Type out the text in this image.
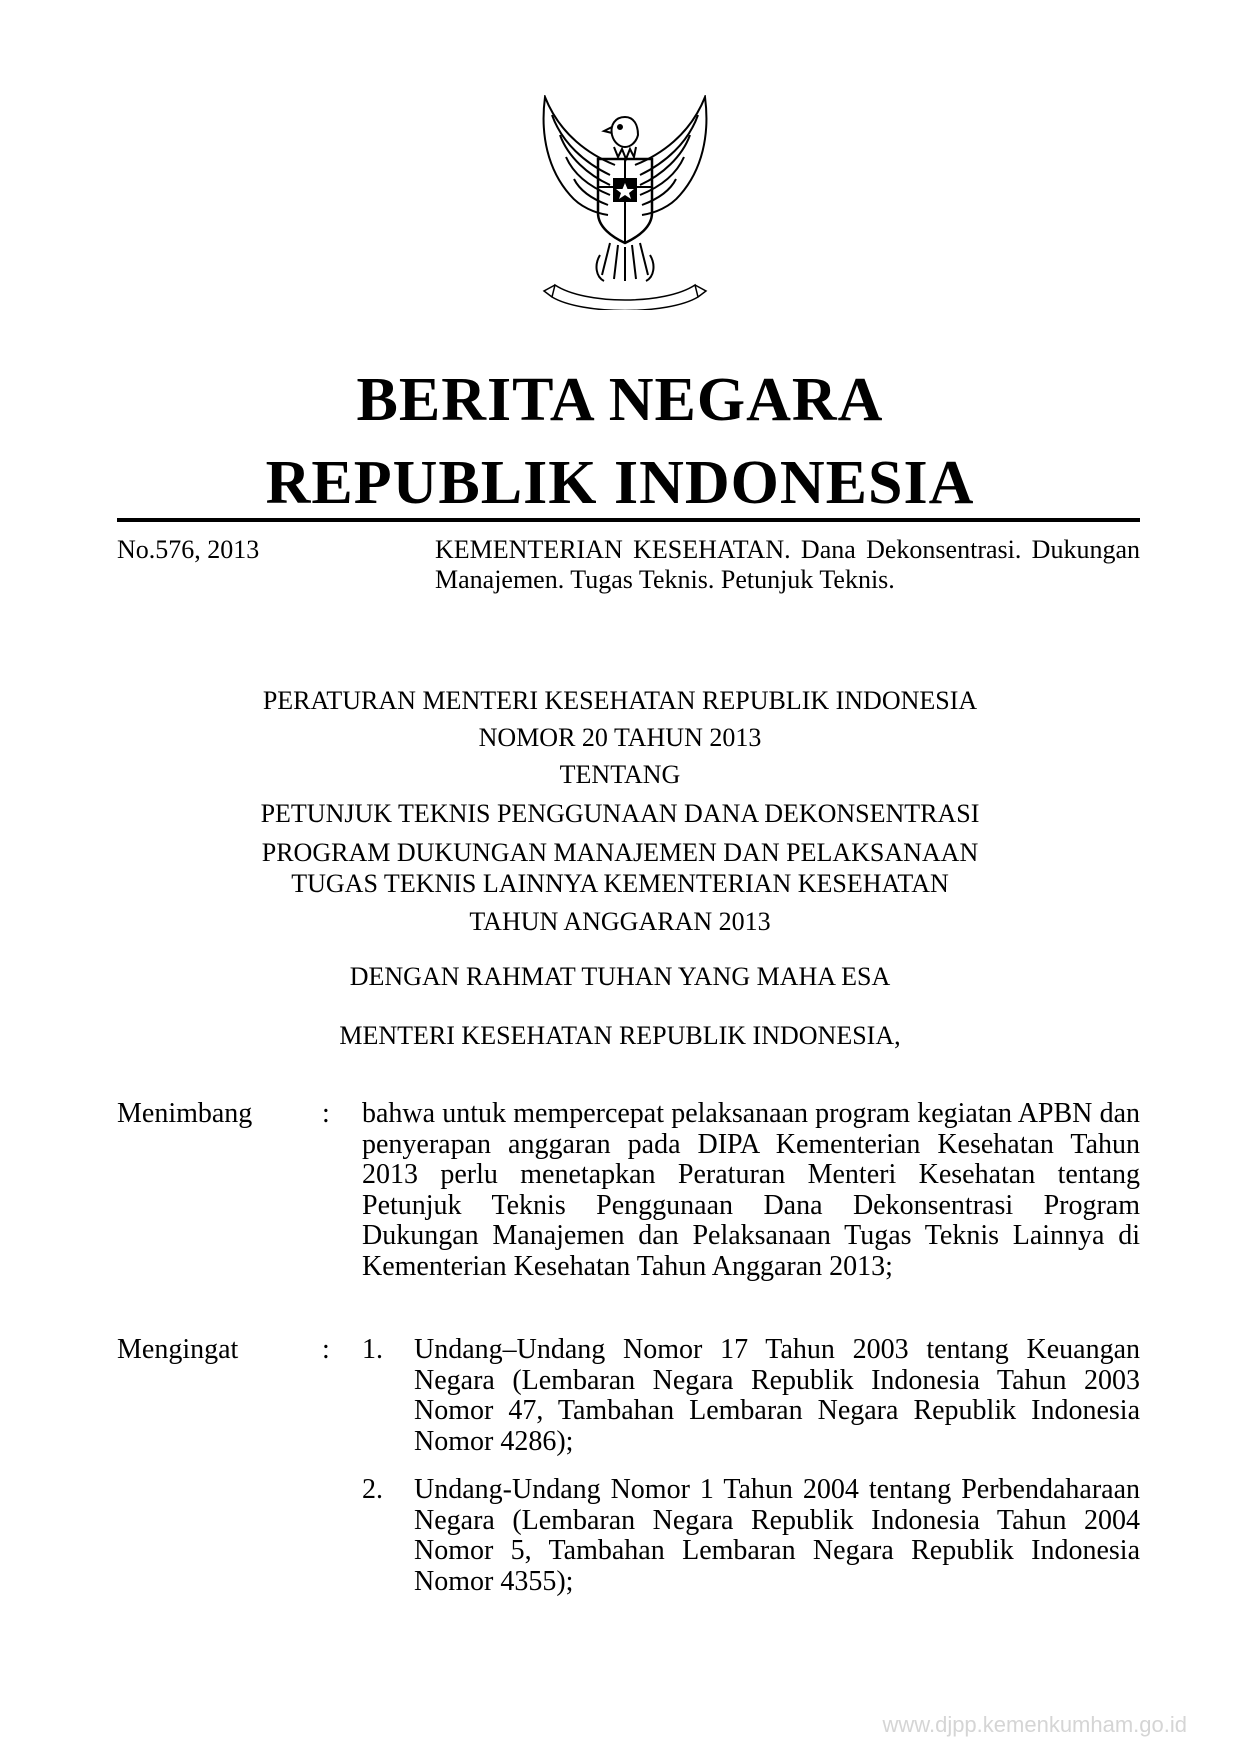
BERITA NEGARA
REPUBLIK INDONESIA
No.576, 2013	KEMENTERIAN KESEHATAN. Dana Dekonsentrasi. Dukungan Manajemen. Tugas Teknis. Petunjuk Teknis.
PERATURAN MENTERI KESEHATAN REPUBLIK INDONESIA
NOMOR 20 TAHUN 2013
TENTANG
PETUNJUK TEKNIS PENGGUNAAN DANA DEKONSENTRASI
PROGRAM DUKUNGAN MANAJEMEN DAN PELAKSANAAN
TUGAS TEKNIS LAINNYA KEMENTERIAN KESEHATAN
TAHUN ANGGARAN 2013
DENGAN RAHMAT TUHAN YANG MAHA ESA
MENTERI KESEHATAN REPUBLIK INDONESIA,
Menimbang : bahwa untuk mempercepat pelaksanaan program kegiatan APBN dan penyerapan anggaran pada DIPA Kementerian Kesehatan Tahun 2013 perlu menetapkan Peraturan Menteri Kesehatan tentang Petunjuk Teknis Penggunaan Dana Dekonsentrasi Program Dukungan Manajemen dan Pelaksanaan Tugas Teknis Lainnya di Kementerian Kesehatan Tahun Anggaran 2013;
Mengingat	: 1. Undang–Undang Nomor 17 Tahun 2003 tentang Keuangan Negara (Lembaran Negara Republik Indonesia Tahun 2003 Nomor 47, Tambahan Lembaran Negara Republik Indonesia Nomor 4286);
2. Undang-Undang Nomor 1 Tahun 2004 tentang Perbendaharaan Negara (Lembaran Negara Republik Indonesia Tahun 2004 Nomor 5, Tambahan Lembaran Negara Republik Indonesia Nomor 4355);
www.djpp.kemenkumham.go.id
